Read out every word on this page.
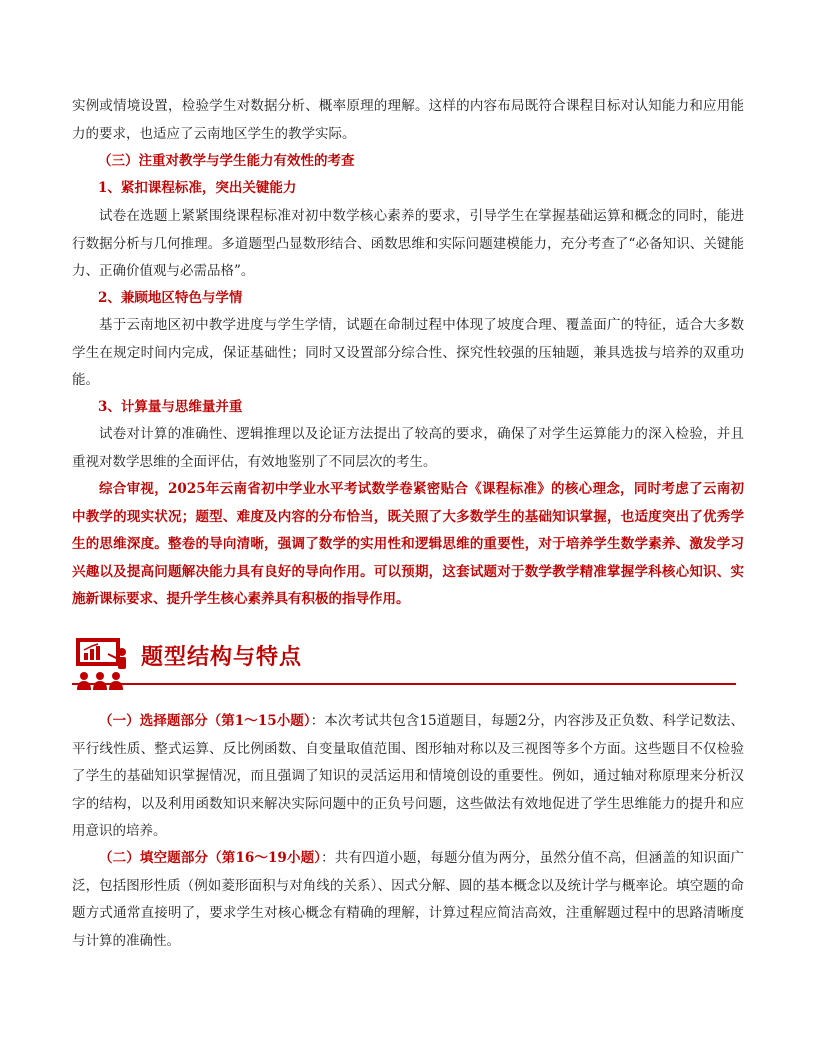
实例或情境设置，检验学生对数据分析、概率原理的理解。这样的内容布局既符合课程目标对认知能力和应用能力的要求，也适应了云南地区学生的教学实际。

（三）注重对教学与学生能力有效性的考查

1、紧扣课程标准，突出关键能力

试卷在选题上紧紧围绕课程标准对初中数学核心素养的要求，引导学生在掌握基础运算和概念的同时，能进行数据分析与几何推理。多道题型凸显数形结合、函数思维和实际问题建模能力，充分考查了“必备知识、关键能力、正确价值观与必需品格”。

2、兼顾地区特色与学情

基于云南地区初中教学进度与学生学情，试题在命制过程中体现了坡度合理、覆盖面广的特征，适合大多数学生在规定时间内完成，保证基础性；同时又设置部分综合性、探究性较强的压轴题，兼具选拔与培养的双重功能。

3、计算量与思维量并重

试卷对计算的准确性、逻辑推理以及论证方法提出了较高的要求，确保了对学生运算能力的深入检验，并且重视对数学思维的全面评估，有效地鉴别了不同层次的考生。

综合审视，2025年云南省初中学业水平考试数学卷紧密贴合《课程标准》的核心理念，同时考虑了云南初中教学的现实状况；题型、难度及内容的分布恰当，既关照了大多数学生的基础知识掌握，也适度突出了优秀学生的思维深度。整卷的导向清晰，强调了数学的实用性和逻辑思维的重要性，对于培养学生数学素养、激发学习兴趣以及提高问题解决能力具有良好的导向作用。可以预期，这套试题对于数学教学精准掌握学科核心知识、实施新课标要求、提升学生核心素养具有积极的指导作用。

题型结构与特点

（一）选择题部分（第1～15小题）：本次考试共包含15道题目，每题2分，内容涉及正负数、科学记数法、平行线性质、整式运算、反比例函数、自变量取值范围、图形轴对称以及三视图等多个方面。这些题目不仅检验了学生的基础知识掌握情况，而且强调了知识的灵活运用和情境创设的重要性。例如，通过轴对称原理来分析汉字的结构，以及利用函数知识来解决实际问题中的正负号问题，这些做法有效地促进了学生思维能力的提升和应用意识的培养。

（二）填空题部分（第16～19小题）：共有四道小题，每题分值为两分，虽然分值不高，但涵盖的知识面广泛，包括图形性质（例如菱形面积与对角线的关系）、因式分解、圆的基本概念以及统计学与概率论。填空题的命题方式通常直接明了，要求学生对核心概念有精确的理解，计算过程应简洁高效，注重解题过程中的思路清晰度与计算的准确性。
